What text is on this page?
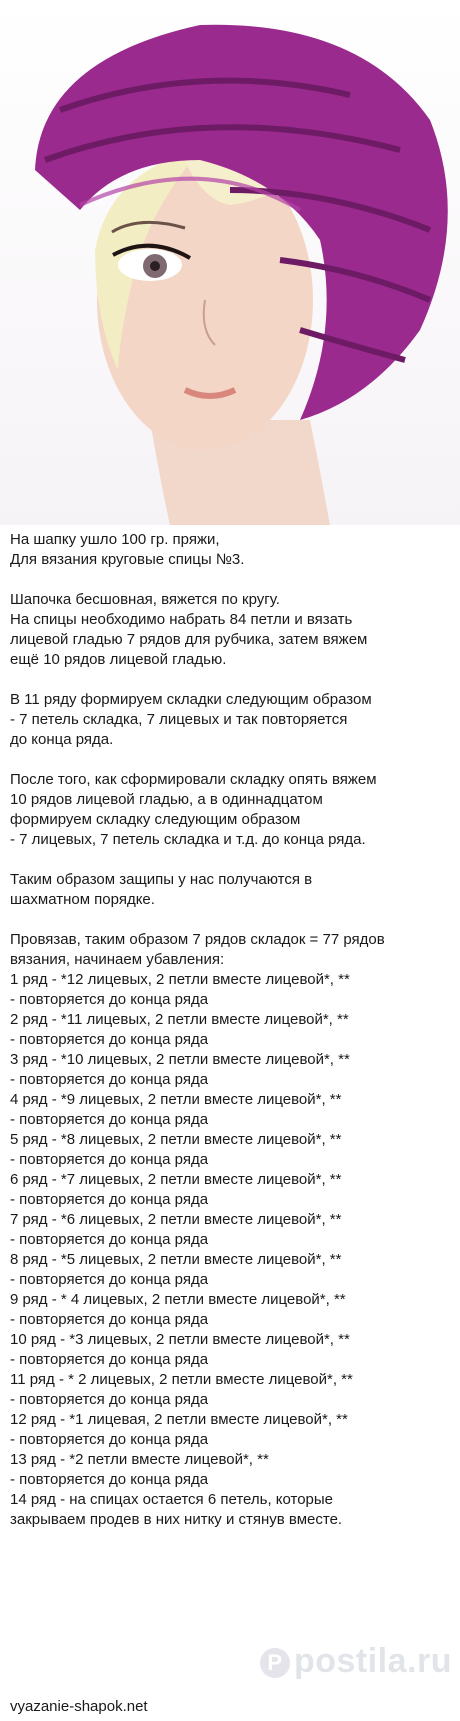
На шапку ушло 100 гр. пряжи,
Для вязания круговые спицы №3.
Шапочка бесшовная, вяжется по кругу.
На спицы необходимо набрать 84 петли и вязать
лицевой гладью 7 рядов для рубчика, затем вяжем
ещё 10 рядов лицевой гладью.
В 11 ряду формируем складки следующим образом
- 7 петель складка, 7 лицевых и так повторяется
до конца ряда.
После того, как сформировали складку опять вяжем
10 рядов лицевой гладью, а в одиннадцатом
формируем складку следующим образом
- 7 лицевых, 7 петель складка и т.д. до конца ряда.
Таким образом защипы у нас получаются в
шахматном порядке.
Провязав, таким образом 7 рядов складок = 77 рядов
вязания, начинаем убавления:
1 ряд - *12 лицевых, 2 петли вместе лицевой*, **
- повторяется до конца ряда
2 ряд - *11 лицевых, 2 петли вместе лицевой*, **
- повторяется до конца ряда
3 ряд - *10 лицевых, 2 петли вместе лицевой*, **
- повторяется до конца ряда
4 ряд - *9 лицевых, 2 петли вместе лицевой*, **
- повторяется до конца ряда
5 ряд - *8 лицевых, 2 петли вместе лицевой*, **
- повторяется до конца ряда
6 ряд - *7 лицевых, 2 петли вместе лицевой*, **
- повторяется до конца ряда
7 ряд - *6 лицевых, 2 петли вместе лицевой*, **
- повторяется до конца ряда
8 ряд - *5 лицевых, 2 петли вместе лицевой*, **
- повторяется до конца ряда
9 ряд - * 4 лицевых, 2 петли вместе лицевой*, **
- повторяется до конца ряда
10 ряд - *3 лицевых, 2 петли вместе лицевой*, **
- повторяется до конца ряда
11 ряд - * 2 лицевых, 2 петли вместе лицевой*, **
- повторяется до конца ряда
12 ряд - *1 лицевая, 2 петли вместе лицевой*, **
- повторяется до конца ряда
13 ряд - *2 петли вместе лицевой*, **
- повторяется до конца ряда
14 ряд - на спицах остается 6 петель, которые
закрываем продев в них нитку и стянув вместе.
P postila.ru
vyazanie-shapok.net
